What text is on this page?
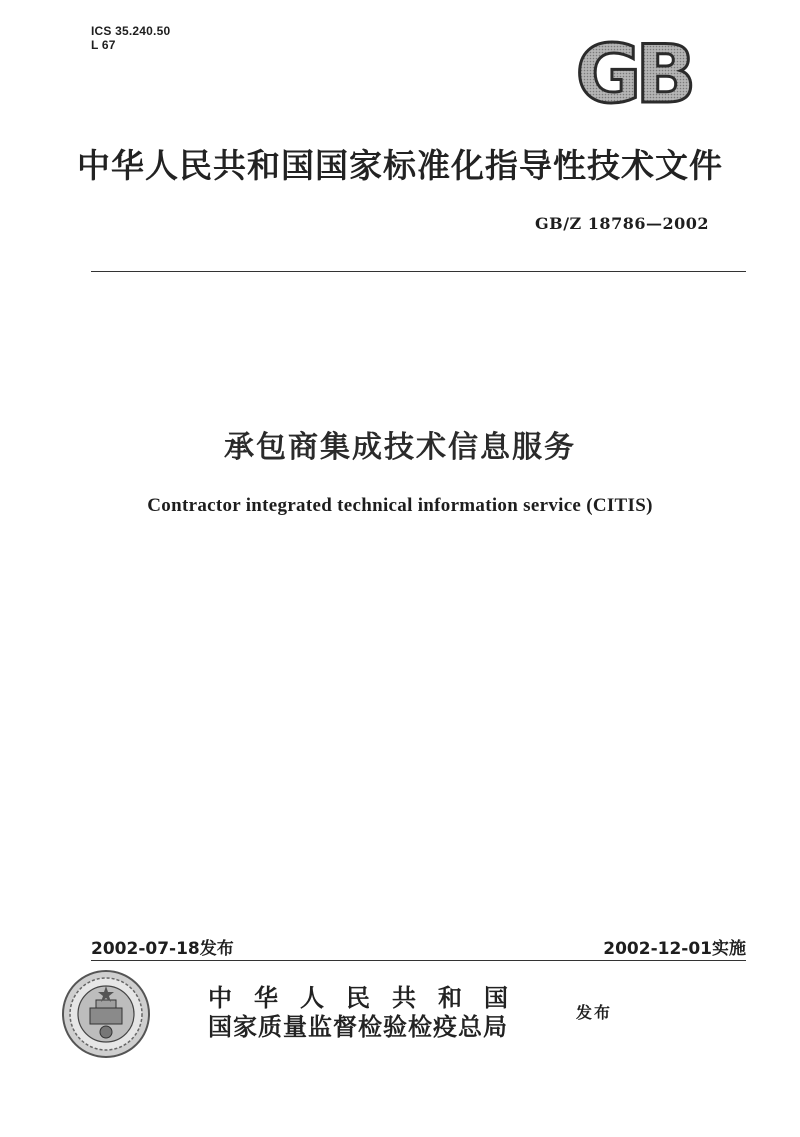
ICS 35.240.50
L 67	GB
中华人民共和国国家标准化指导性技术文件
GB/Z 18786—2002
承包商集成技术信息服务
Contractor integrated technical information service (CITIS)
2002-07-18发布	2002-12-01实施
中华人民共和国
国家质量监督检验检疫总局
发布
